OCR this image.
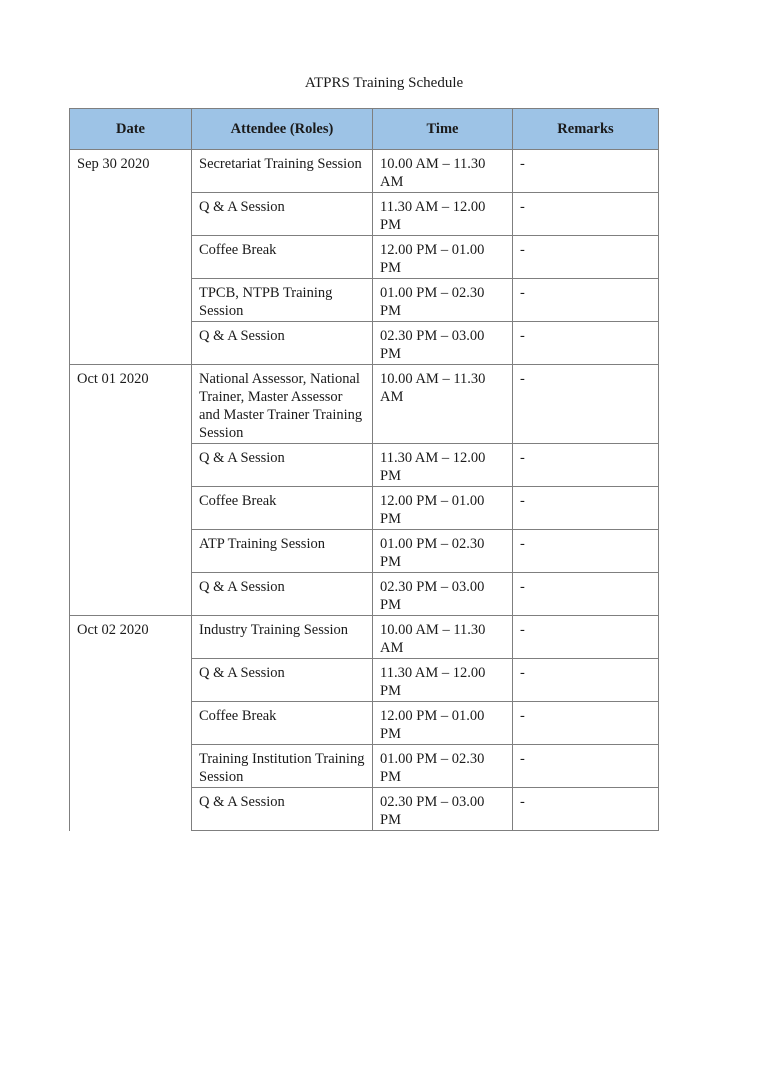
ATPRS Training Schedule
Date	Attendee (Roles)	Time	Remarks
Sep 30 2020	Secretariat Training Session	10.00 AM – 11.30 AM	-
	Q & A Session	11.30 AM – 12.00 PM	-
	Coffee Break	12.00 PM – 01.00 PM	-
	TPCB, NTPB Training Session	01.00 PM – 02.30 PM	-
	Q & A Session	02.30 PM – 03.00 PM	-
Oct 01 2020	National Assessor, National Trainer, Master Assessor and Master Trainer Training Session	10.00 AM – 11.30 AM	-
	Q & A Session	11.30 AM – 12.00 PM	-
	Coffee Break	12.00 PM – 01.00 PM	-
	ATP Training Session	01.00 PM – 02.30 PM	-
	Q & A Session	02.30 PM – 03.00 PM	-
Oct 02 2020	Industry Training Session	10.00 AM – 11.30 AM	-
	Q & A Session	11.30 AM – 12.00 PM	-
	Coffee Break	12.00 PM – 01.00 PM	-
	Training Institution Training Session	01.00 PM – 02.30 PM	-
	Q & A Session	02.30 PM – 03.00 PM	-
